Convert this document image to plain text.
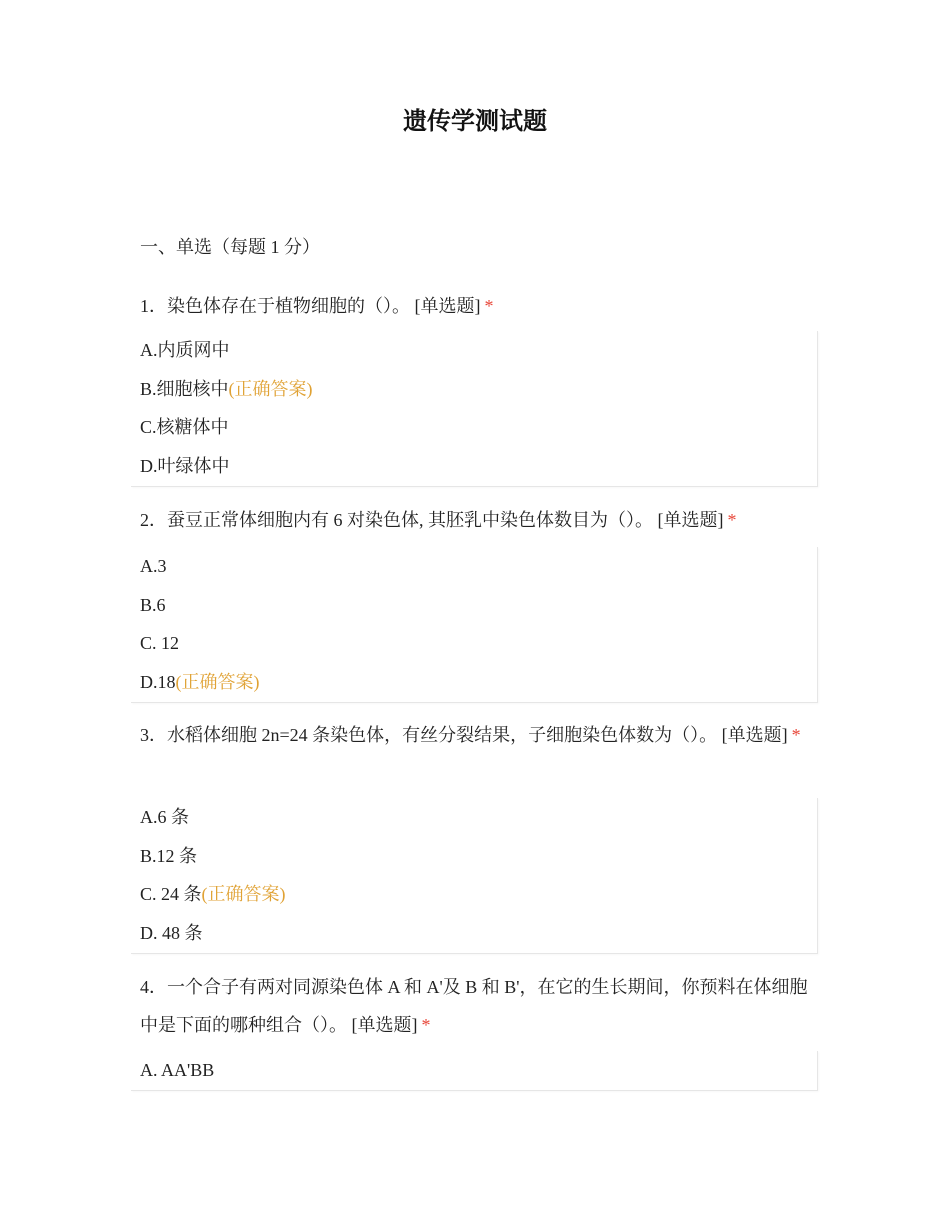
遗传学测试题
一、单选（每题 1 分）
1．染色体存在于植物细胞的（）。 [单选题] *
A.内质网中
B.细胞核中(正确答案)
C.核糖体中
D.叶绿体中
2．蚕豆正常体细胞内有 6 对染色体, 其胚乳中染色体数目为（）。 [单选题] *
A.3
B.6
C. 12
D.18(正确答案)
3．水稻体细胞 2n=24 条染色体，有丝分裂结果，子细胞染色体数为（）。 [单选题] *
A.6 条
B.12 条
C. 24 条(正确答案)
D. 48 条
4．一个合子有两对同源染色体 A 和 A'及 B 和 B'，在它的生长期间，你预料在体细胞中是下面的哪种组合（）。 [单选题] *
A. AA'BB
